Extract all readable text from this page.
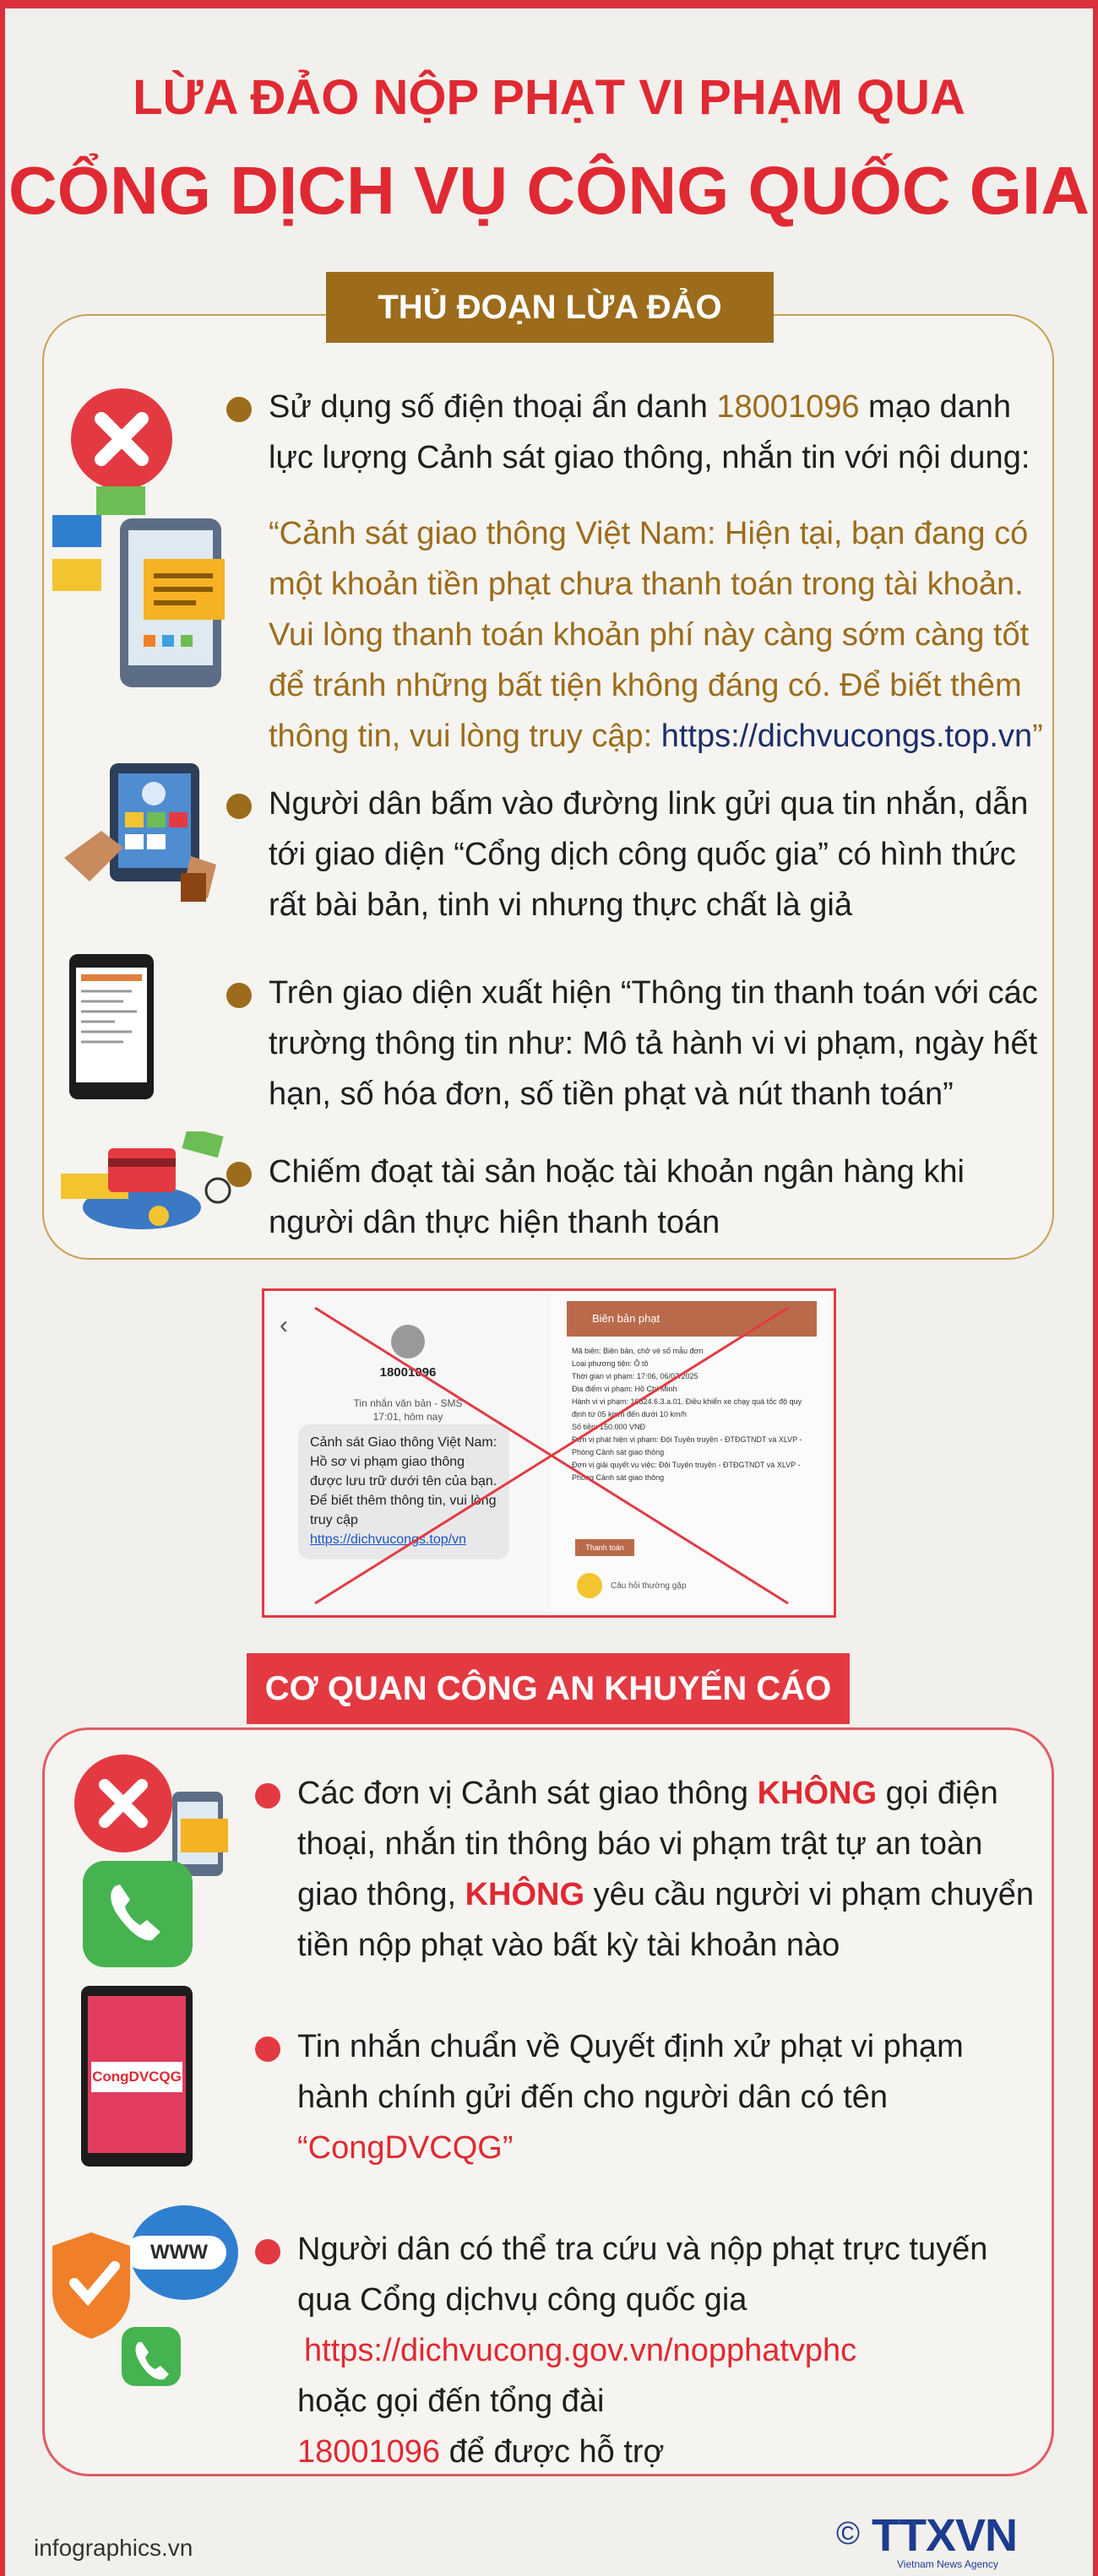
LỪA ĐẢO NỘP PHẠT VI PHẠM QUA
CỔNG DỊCH VỤ CÔNG QUỐC GIA
THỦ ĐOẠN LỪA ĐẢO
Sử dụng số điện thoại ẩn danh 18001096 mạo danh lực lượng Cảnh sát giao thông, nhắn tin với nội dung:
“Cảnh sát giao thông Việt Nam: Hiện tại, bạn đang có một khoản tiền phạt chưa thanh toán trong tài khoản. Vui lòng thanh toán khoản phí này càng sớm càng tốt để tránh những bất tiện không đáng có. Để biết thêm thông tin, vui lòng truy cập: https://dichvucongs.top.vn”
Người dân bấm vào đường link gửi qua tin nhắn, dẫn tới giao diện “Cổng dịch công quốc gia” có hình thức rất bài bản, tinh vi nhưng thực chất là giả
Trên giao diện xuất hiện “Thông tin thanh toán với các trường thông tin như: Mô tả hành vi vi phạm, ngày hết hạn, số hóa đơn, số tiền phạt và nút thanh toán”
Chiếm đoạt tài sản hoặc tài khoản ngân hàng khi người dân thực hiện thanh toán
‹
18001096
Tin nhắn văn bản - SMS
17:01, hôm nay
Cảnh sát Giao thông Việt Nam: Hồ sơ vi phạm giao thông được lưu trữ dưới tên của bạn. Để biết thêm thông tin, vui lòng truy cập https://dichvucongs.top/vn
Biên bản phạt
Mã biên: Biên bản, chở vé số mẫu đơn
Loại phương tiện: Ô tô
Thời gian vi phạm: 17:06, 06/07/2025
Địa điểm vi phạm: Hồ Chí Minh
Hành vi vi phạm: 16824.6.3.a.01. Điều khiển xe chạy quá tốc độ quy định từ 05 km/h đến dưới 10 km/h
Số tiền: 150.000 VNĐ
Đơn vị phát hiện vi phạm: Đội Tuyên truyền - ĐTĐGTNDT và XLVP - Phòng Cảnh sát giao thông
Đơn vị giải quyết vụ việc: Đội Tuyên truyền - ĐTĐGTNDT và XLVP - Phòng Cảnh sát giao thông
Thanh toán
Câu hỏi thường gặp
CƠ QUAN CÔNG AN KHUYẾN CÁO
Các đơn vị Cảnh sát giao thông KHÔNG gọi điện thoại, nhắn tin thông báo vi phạm trật tự an toàn giao thông, KHÔNG yêu cầu người vi phạm chuyển tiền nộp phạt vào bất kỳ tài khoản nào
CongDVCQG
Tin nhắn chuẩn về Quyết định xử phạt vi phạm hành chính gửi đến cho người dân có tên “CongDVCQG”
WWW	Người dân có thể tra cứu và nộp phạt trực tuyến qua Cổng dịchvụ công quốc gia
https://dichvucong.gov.vn/nopphatvphc
hoặc gọi đến tổng đài
18001096 để được hỗ trợ
infographics.vn	© TTXVN
Vietnam News Agency
